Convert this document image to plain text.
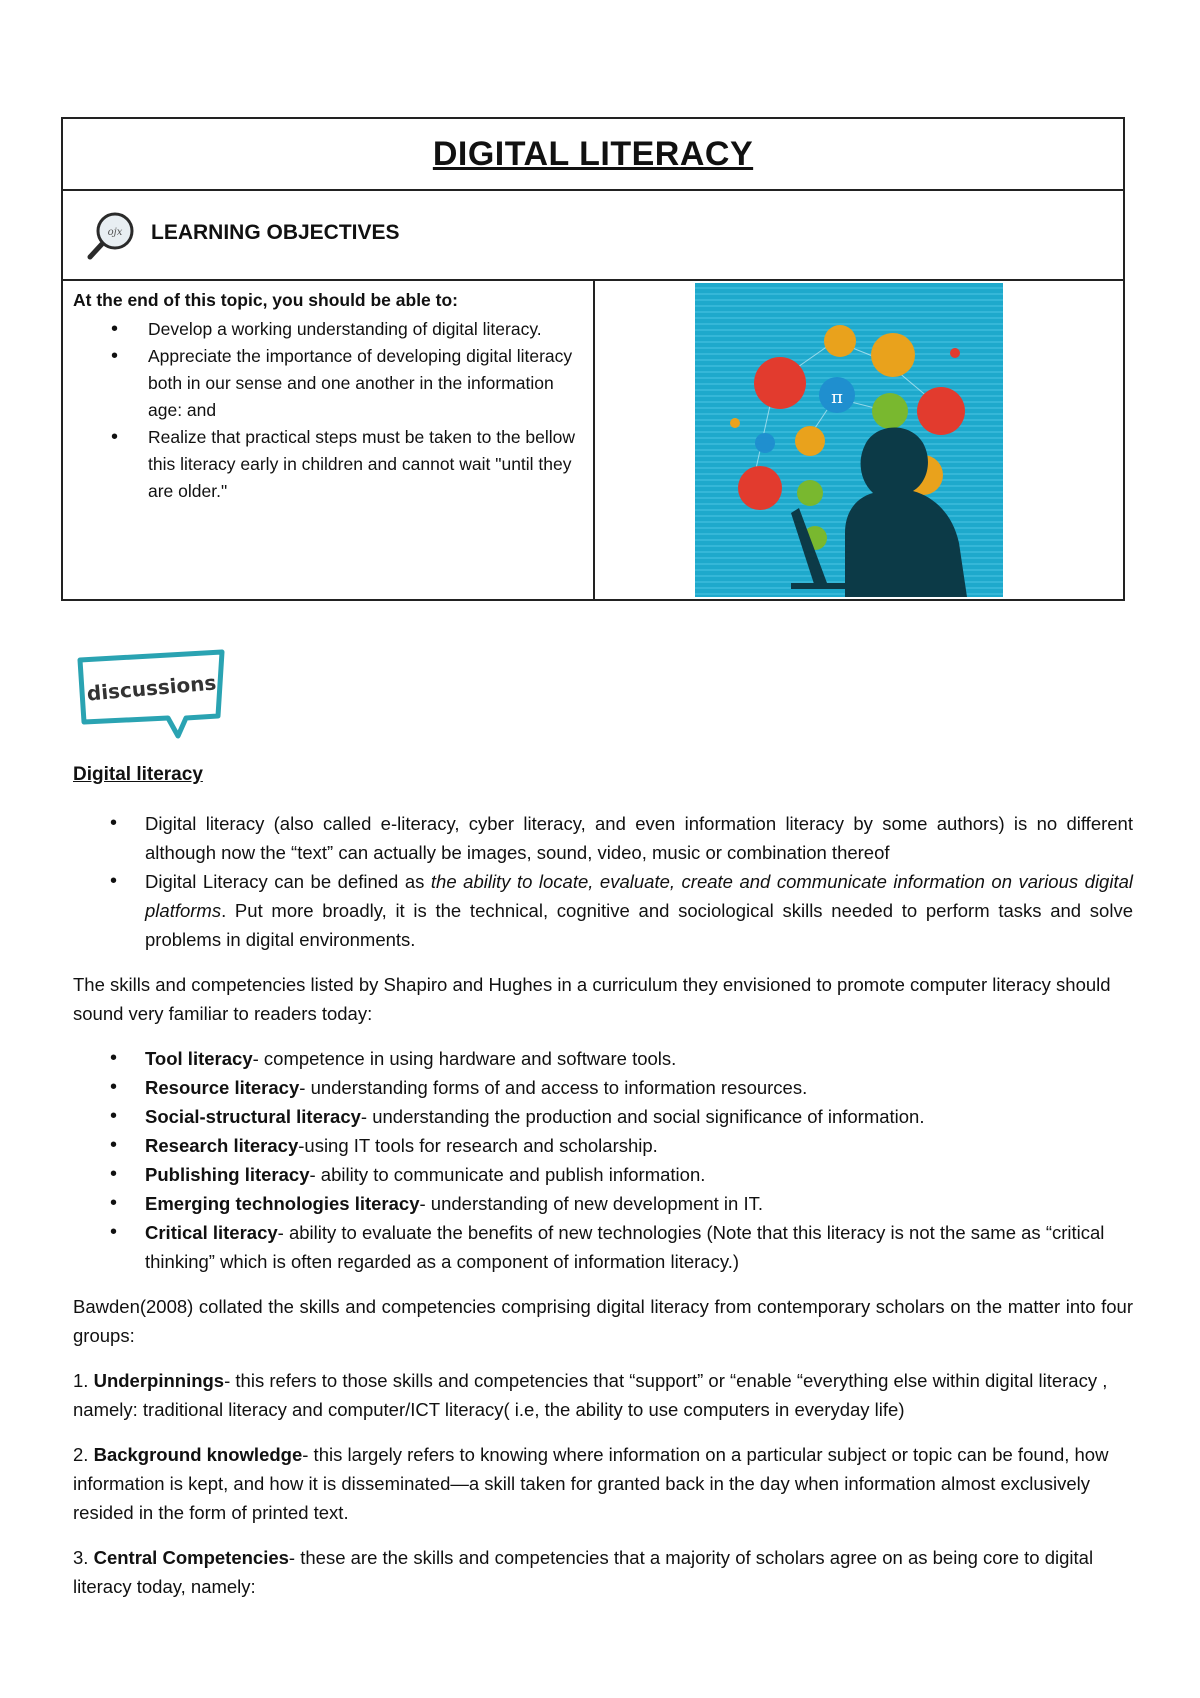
DIGITAL LITERACY
ojx LEARNING OBJECTIVES

At the end of this topic, you should be able to:

• Develop a working understanding of digital literacy.
• Appreciate the importance of developing digital literacy both in our sense and one another in the information age: and
• Realize that practical steps must be taken to the bellow this literacy early in children and cannot wait "until they are older."
π
discussions

Digital literacy

• Digital literacy (also called e-literacy, cyber literacy, and even information literacy by some authors) is no different although now the “text” can actually be images, sound, video, music or combination thereof
• Digital Literacy can be defined as the ability to locate, evaluate, create and communicate information on various digital platforms. Put more broadly, it is the technical, cognitive and sociological skills needed to perform tasks and solve problems in digital environments.

The skills and competencies listed by Shapiro and Hughes in a curriculum they envisioned to promote computer literacy should sound very familiar to readers today:

• Tool literacy- competence in using hardware and software tools.
• Resource literacy- understanding forms of and access to information resources.
• Social-structural literacy- understanding the production and social significance of information.
• Research literacy-using IT tools for research and scholarship.
• Publishing literacy- ability to communicate and publish information.
• Emerging technologies literacy- understanding of new development in IT.
• Critical literacy- ability to evaluate the benefits of new technologies (Note that this literacy is not the same as “critical thinking” which is often regarded as a component of information literacy.)

Bawden(2008) collated the skills and competencies comprising digital literacy from contemporary scholars on the matter into four groups:

1. Underpinnings- this refers to those skills and competencies that “support” or “enable “everything else within digital literacy , namely: traditional literacy and computer/ICT literacy( i.e, the ability to use computers in everyday life)

2. Background knowledge- this largely refers to knowing where information on a particular subject or topic can be found, how information is kept, and how it is disseminated—a skill taken for granted back in the day when information almost exclusively resided in the form of printed text.

3. Central Competencies- these are the skills and competencies that a majority of scholars agree on as being core to digital literacy today, namely:
